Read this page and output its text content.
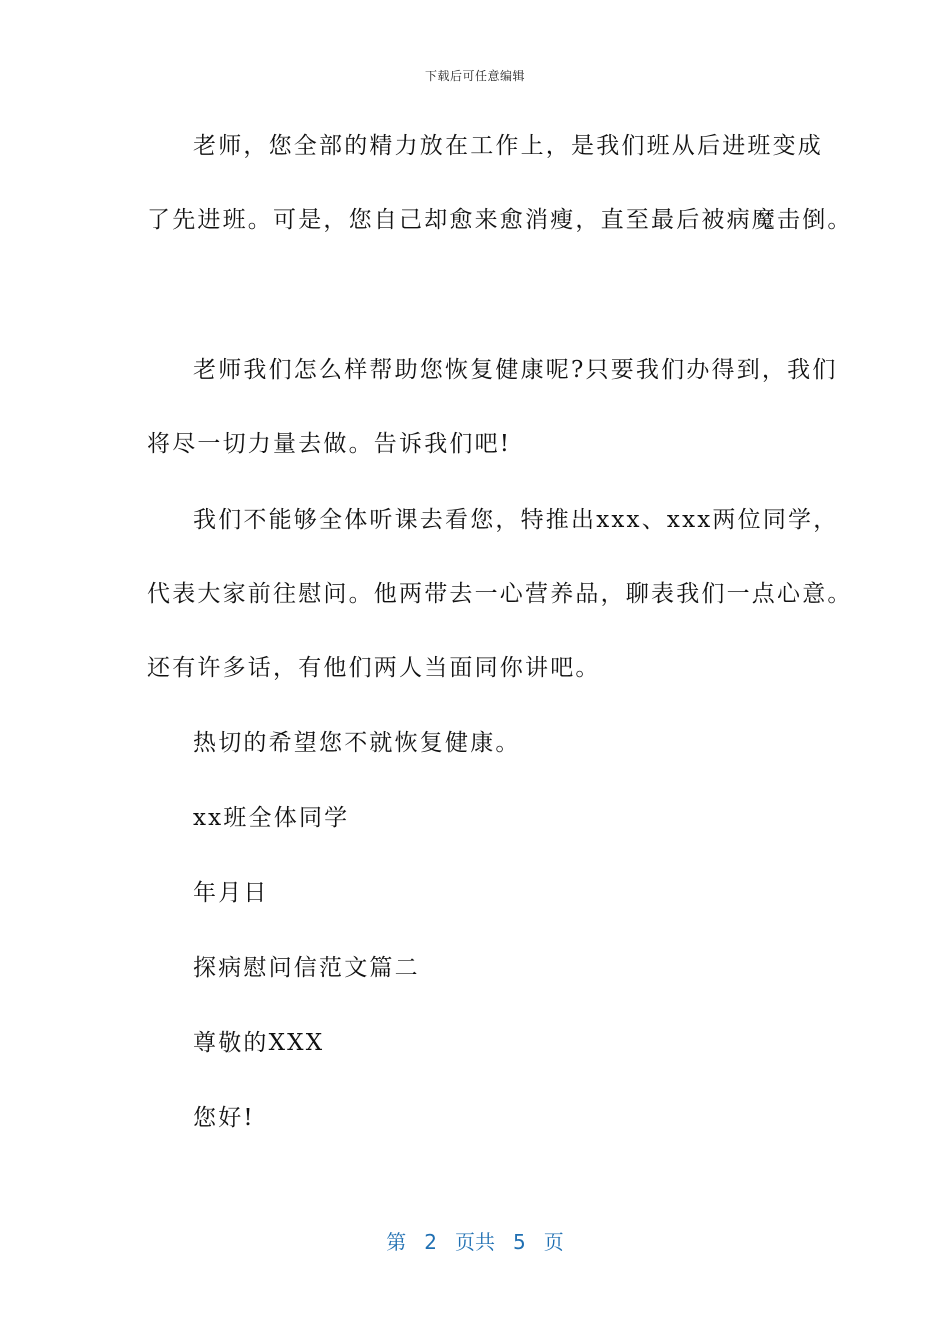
下载后可任意编辑
老师，您全部的精力放在工作上，是我们班从后进班变成
了先进班。可是，您自己却愈来愈消瘦，直至最后被病魔击倒。
老师我们怎么样帮助您恢复健康呢?只要我们办得到，我们
将尽一切力量去做。告诉我们吧!
我们不能够全体听课去看您，特推出xxx、xxx两位同学，
代表大家前往慰问。他两带去一心营养品，聊表我们一点心意。
还有许多话，有他们两人当面同你讲吧。
热切的希望您不就恢复健康。
xx班全体同学
年月日
探病慰问信范文篇二
尊敬的XXX
您好!
第 2 页共 5 页
